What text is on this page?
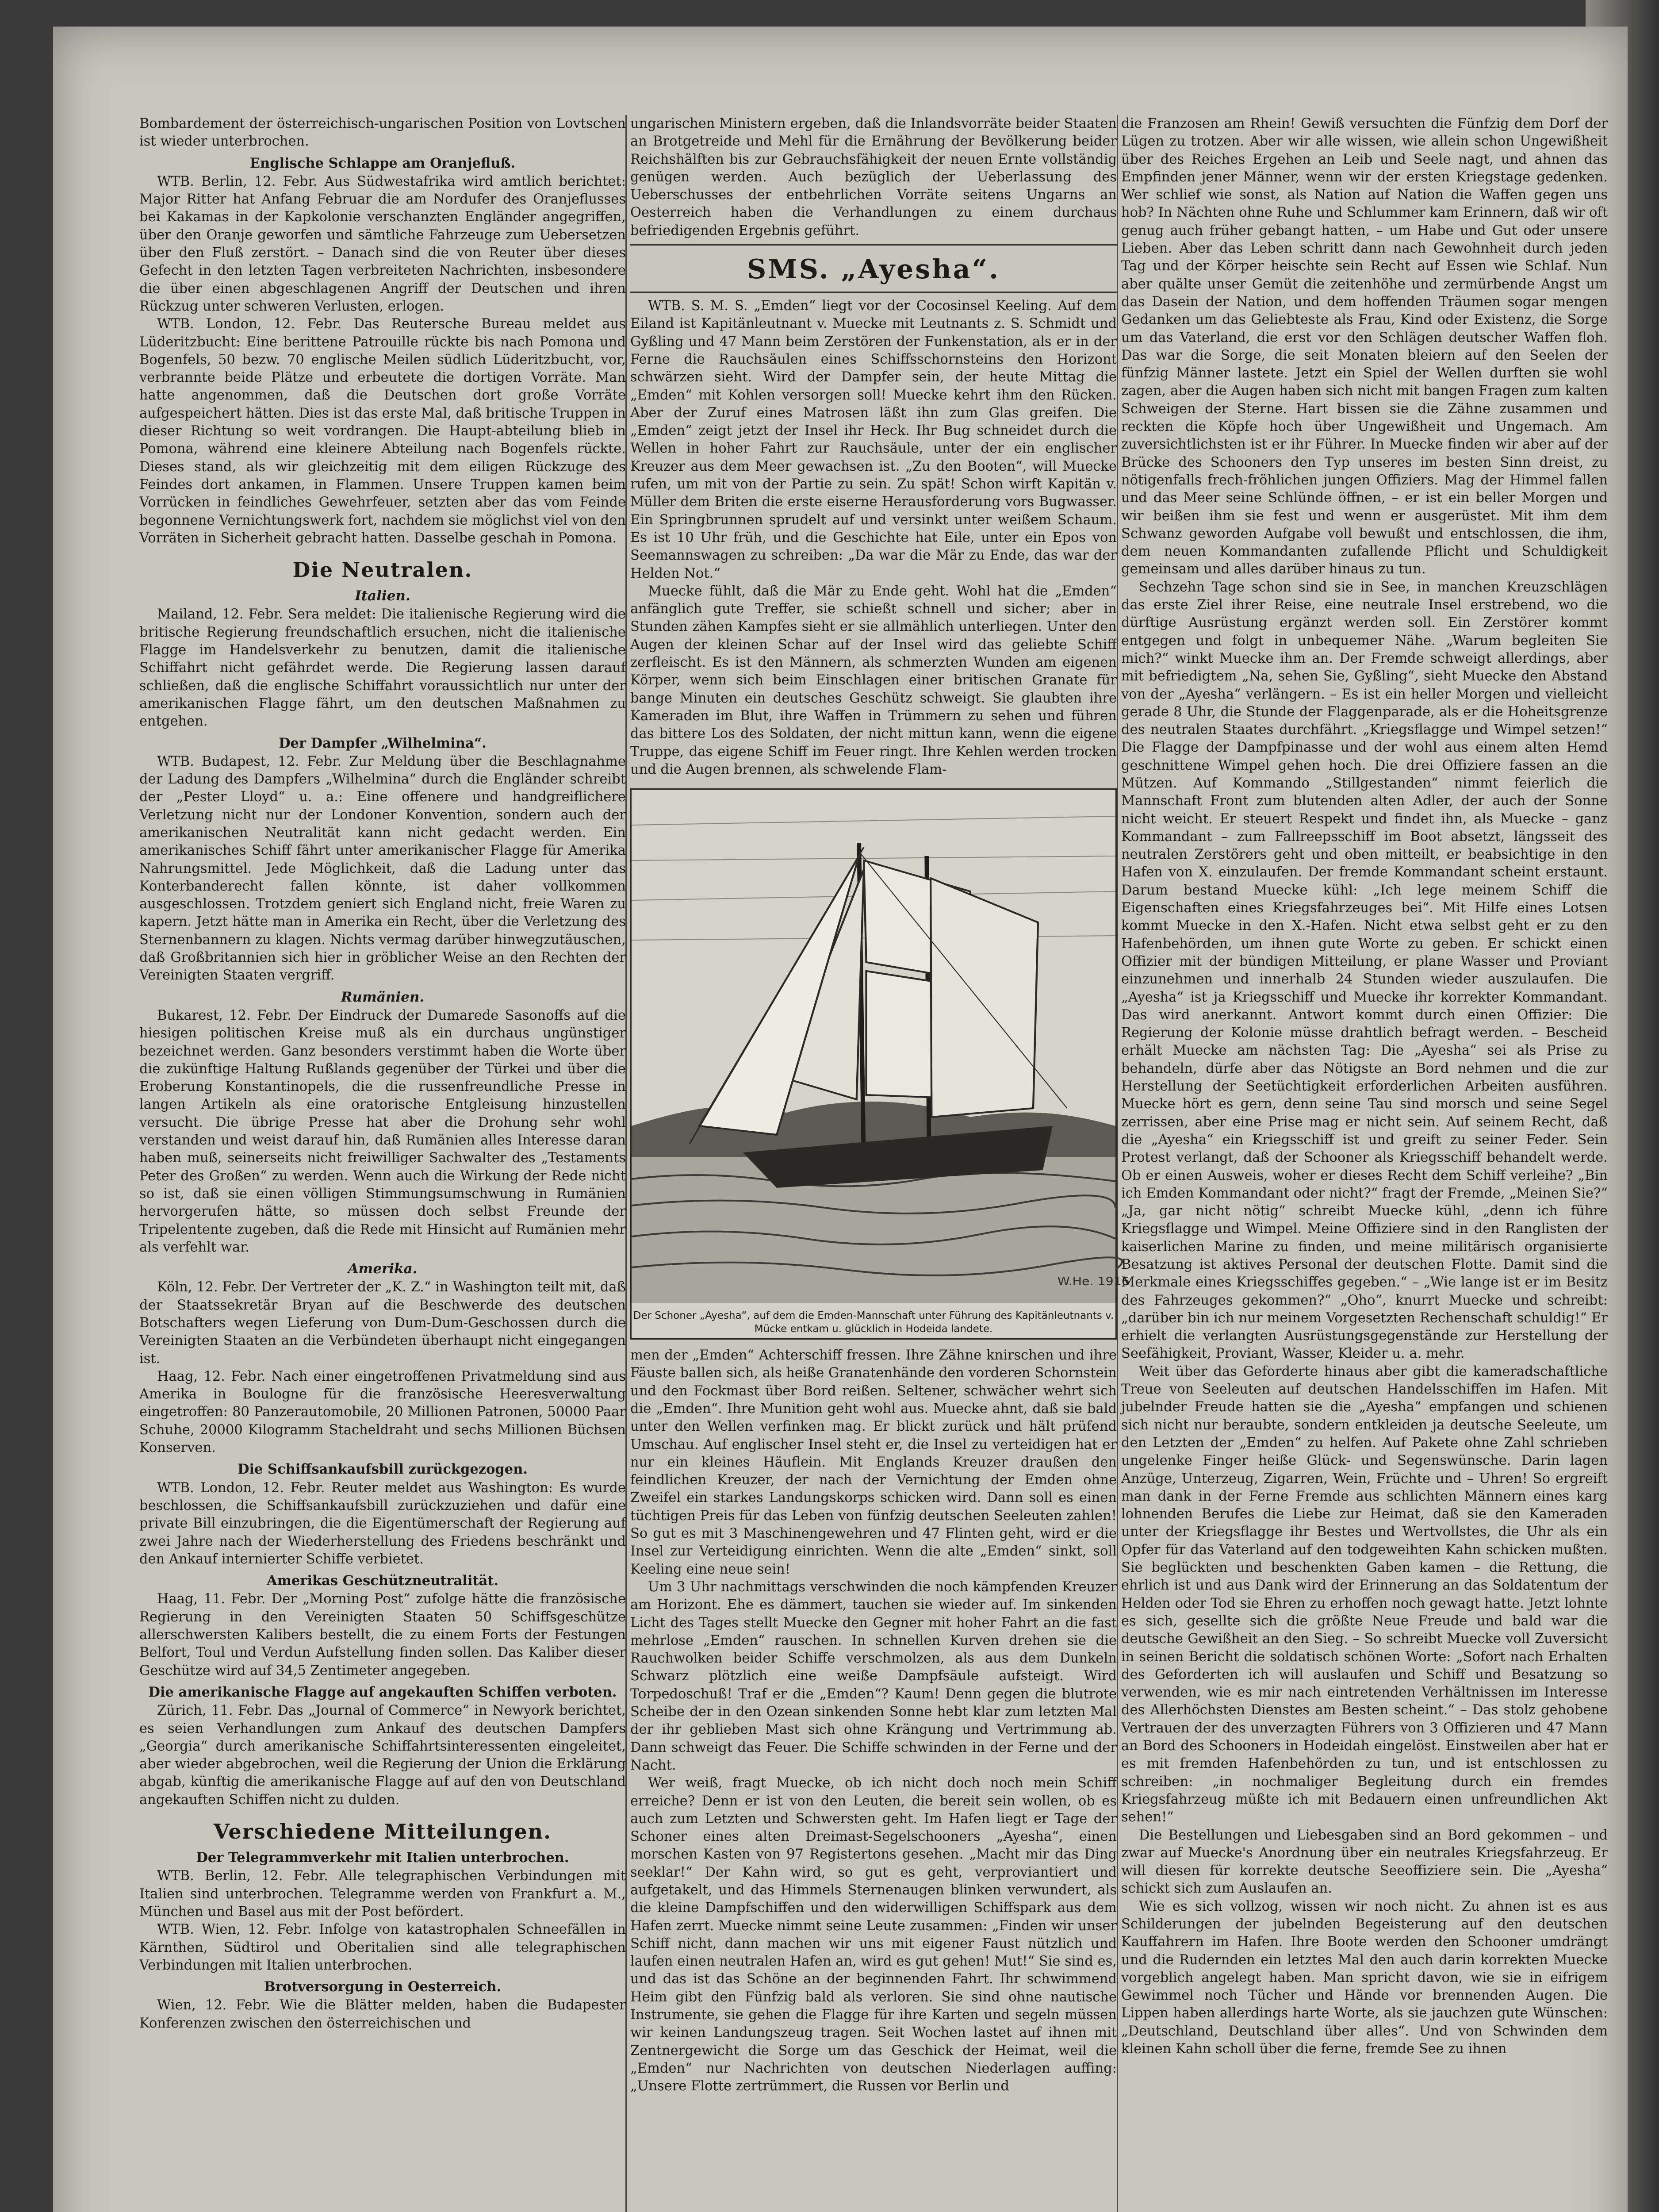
Bombardement der österreichisch-ungarischen Position von Lovtschen ist wieder unterbrochen.

Englische Schlappe am Oranjefluß.

WTB. Berlin, 12. Febr. Aus Südwestafrika wird amtlich berichtet: Major Ritter hat Anfang Februar die am Nordufer des Oranjeflusses bei Kakamas in der Kapkolonie verschanzten Engländer angegriffen, über den Oranje geworfen und sämtliche Fahrzeuge zum Uebersetzen über den Fluß zerstört. – Danach sind die von Reuter über dieses Gefecht in den letzten Tagen verbreiteten Nachrichten, insbesondere die über einen abgeschlagenen Angriff der Deutschen und ihren Rückzug unter schweren Verlusten, erlogen.

WTB. London, 12. Febr. Das Reutersche Bureau meldet aus Lüderitzbucht: Eine berittene Patrouille rückte bis nach Pomona und Bogenfels, 50 bezw. 70 englische Meilen südlich Lüderitzbucht, vor, verbrannte beide Plätze und erbeutete die dortigen Vorräte. Man hatte angenommen, daß die Deutschen dort große Vorräte aufgespeichert hätten. Dies ist das erste Mal, daß britische Truppen in dieser Richtung so weit vordrangen. Die Haupt-abteilung blieb in Pomona, während eine kleinere Abteilung nach Bogenfels rückte. Dieses stand, als wir gleichzeitig mit dem eiligen Rückzuge des Feindes dort ankamen, in Flammen. Unsere Truppen kamen beim Vorrücken in feindliches Gewehrfeuer, setzten aber das vom Feinde begonnene Vernichtungswerk fort, nachdem sie möglichst viel von den Vorräten in Sicherheit gebracht hatten. Dasselbe geschah in Pomona.

Die Neutralen.
Italien.

Mailand, 12. Febr. Sera meldet: Die italienische Regierung wird die britische Regierung freundschaftlich ersuchen, nicht die italienische Flagge im Handelsverkehr zu benutzen, damit die italienische Schiffahrt nicht gefährdet werde. Die Regierung lassen darauf schließen, daß die englische Schiffahrt voraussichtlich nur unter der amerikanischen Flagge fährt, um den deutschen Maßnahmen zu entgehen.

Der Dampfer „Wilhelmina“.

WTB. Budapest, 12. Febr. Zur Meldung über die Beschlagnahme der Ladung des Dampfers „Wilhelmina“ durch die Engländer schreibt der „Pester Lloyd“ u. a.: Eine offenere und handgreiflichere Verletzung nicht nur der Londoner Konvention, sondern auch der amerikanischen Neutralität kann nicht gedacht werden. Ein amerikanisches Schiff fährt unter amerikanischer Flagge für Amerika Nahrungsmittel. Jede Möglichkeit, daß die Ladung unter das Konterbanderecht fallen könnte, ist daher vollkommen ausgeschlossen. Trotzdem geniert sich England nicht, freie Waren zu kapern. Jetzt hätte man in Amerika ein Recht, über die Verletzung des Sternenbannern zu klagen. Nichts vermag darüber hinwegzutäuschen, daß Großbritannien sich hier in gröblicher Weise an den Rechten der Vereinigten Staaten vergriff.

Rumänien.

Bukarest, 12. Febr. Der Eindruck der Dumarede Sasonoffs auf die hiesigen politischen Kreise muß als ein durchaus ungünstiger bezeichnet werden. Ganz besonders verstimmt haben die Worte über die zukünftige Haltung Rußlands gegenüber der Türkei und über die Eroberung Konstantinopels, die die russenfreundliche Presse in langen Artikeln als eine oratorische Entgleisung hinzustellen versucht. Die übrige Presse hat aber die Drohung sehr wohl verstanden und weist darauf hin, daß Rumänien alles Interesse daran haben muß, seinerseits nicht freiwilliger Sachwalter des „Testaments Peter des Großen“ zu werden. Wenn auch die Wirkung der Rede nicht so ist, daß sie einen völligen Stimmungsumschwung in Rumänien hervorgerufen hätte, so müssen doch selbst Freunde der Tripelentente zugeben, daß die Rede mit Hinsicht auf Rumänien mehr als verfehlt war.

Amerika.

Köln, 12. Febr. Der Vertreter der „K. Z.“ in Washington teilt mit, daß der Staatssekretär Bryan auf die Beschwerde des deutschen Botschafters wegen Lieferung von Dum-Dum-Geschossen durch die Vereinigten Staaten an die Verbündeten überhaupt nicht eingegangen ist.

Haag, 12. Febr. Nach einer eingetroffenen Privatmeldung sind aus Amerika in Boulogne für die französische Heeresverwaltung eingetroffen: 80 Panzerautomobile, 20 Millionen Patronen, 50000 Paar Schuhe, 20000 Kilogramm Stacheldraht und sechs Millionen Büchsen Konserven.

Die Schiffsankaufsbill zurückgezogen.

WTB. London, 12. Febr. Reuter meldet aus Washington: Es wurde beschlossen, die Schiffsankaufsbill zurückzuziehen und dafür eine private Bill einzubringen, die die Eigentümerschaft der Regierung auf zwei Jahre nach der Wiederherstellung des Friedens beschränkt und den Ankauf internierter Schiffe verbietet.

Amerikas Geschützneutralität.

Haag, 11. Febr. Der „Morning Post“ zufolge hätte die französische Regierung in den Vereinigten Staaten 50 Schiffsgeschütze allerschwersten Kalibers bestellt, die zu einem Forts der Festungen Belfort, Toul und Verdun Aufstellung finden sollen. Das Kaliber dieser Geschütze wird auf 34,5 Zentimeter angegeben.

Die amerikanische Flagge auf angekauften Schiffen verboten.

Zürich, 11. Febr. Das „Journal of Commerce“ in Newyork berichtet, es seien Verhandlungen zum Ankauf des deutschen Dampfers „Georgia“ durch amerikanische Schiffahrtsinteressenten eingeleitet, aber wieder abgebrochen, weil die Regierung der Union die Erklärung abgab, künftig die amerikanische Flagge auf auf den von Deutschland angekauften Schiffen nicht zu dulden.

Verschiedene Mitteilungen.
Der Telegrammverkehr mit Italien unterbrochen.

WTB. Berlin, 12. Febr. Alle telegraphischen Verbindungen mit Italien sind unterbrochen. Telegramme werden von Frankfurt a. M., München und Basel aus mit der Post befördert.

WTB. Wien, 12. Febr. Infolge von katastrophalen Schneefällen in Kärnthen, Südtirol und Oberitalien sind alle telegraphischen Verbindungen mit Italien unterbrochen.

Brotversorgung in Oesterreich.

Wien, 12. Febr. Wie die Blätter melden, haben die Budapester Konferenzen zwischen den österreichischen und

ungarischen Ministern ergeben, daß die Inlandsvorräte beider Staaten an Brotgetreide und Mehl für die Ernährung der Bevölkerung beider Reichshälften bis zur Gebrauchsfähigkeit der neuen Ernte vollständig genügen werden. Auch bezüglich der Ueberlassung des Ueberschusses der entbehrlichen Vorräte seitens Ungarns an Oesterreich haben die Verhandlungen zu einem durchaus befriedigenden Ergebnis geführt.

SMS. „Ayesha“.

WTB. S. M. S. „Emden“ liegt vor der Cocosinsel Keeling. Auf dem Eiland ist Kapitänleutnant v. Muecke mit Leutnants z. S. Schmidt und Gyßling und 47 Mann beim Zerstören der Funkenstation, als er in der Ferne die Rauchsäulen eines Schiffsschornsteins den Horizont schwärzen sieht. Wird der Dampfer sein, der heute Mittag die „Emden“ mit Kohlen versorgen soll! Muecke kehrt ihm den Rücken. Aber der Zuruf eines Matrosen läßt ihn zum Glas greifen. Die „Emden“ zeigt jetzt der Insel ihr Heck. Ihr Bug schneidet durch die Wellen in hoher Fahrt zur Rauchsäule, unter der ein englischer Kreuzer aus dem Meer gewachsen ist. „Zu den Booten“, will Muecke rufen, um mit von der Partie zu sein. Zu spät! Schon wirft Kapitän v. Müller dem Briten die erste eiserne Herausforderung vors Bugwasser. Ein Springbrunnen sprudelt auf und versinkt unter weißem Schaum. Es ist 10 Uhr früh, und die Geschichte hat Eile, unter ein Epos von Seemannswagen zu schreiben: „Da war die Mär zu Ende, das war der Helden Not.“

Muecke fühlt, daß die Mär zu Ende geht. Wohl hat die „Emden“ anfänglich gute Treffer, sie schießt schnell und sicher; aber in Stunden zähen Kampfes sieht er sie allmählich unterliegen. Unter den Augen der kleinen Schar auf der Insel wird das geliebte Schiff zerfleischt. Es ist den Männern, als schmerzten Wunden am eigenen Körper, wenn sich beim Einschlagen einer britischen Granate für bange Minuten ein deutsches Geschütz schweigt. Sie glaubten ihre Kameraden im Blut, ihre Waffen in Trümmern zu sehen und führen das bittere Los des Soldaten, der nicht mittun kann, wenn die eigene Truppe, das eigene Schiff im Feuer ringt. Ihre Kehlen werden trocken und die Augen brennen, als schwelende Flam-

W.He. 1916
Der Schoner „Ayesha“, auf dem die Emden-Mannschaft unter Führung des Kapitänleutnants v. Mücke entkam u. glücklich in Hodeida landete.

men der „Emden“ Achterschiff fressen. Ihre Zähne knirschen und ihre Fäuste ballen sich, als heiße Granatenhände den vorderen Schornstein und den Fockmast über Bord reißen. Seltener, schwächer wehrt sich die „Emden“. Ihre Munition geht wohl aus. Muecke ahnt, daß sie bald unter den Wellen verfinken mag. Er blickt zurück und hält prüfend Umschau. Auf englischer Insel steht er, die Insel zu verteidigen hat er nur ein kleines Häuflein. Mit Englands Kreuzer draußen den feindlichen Kreuzer, der nach der Vernichtung der Emden ohne Zweifel ein starkes Landungskorps schicken wird. Dann soll es einen tüchtigen Preis für das Leben von fünfzig deutschen Seeleuten zahlen! So gut es mit 3 Maschinengewehren und 47 Flinten geht, wird er die Insel zur Verteidigung einrichten. Wenn die alte „Emden“ sinkt, soll Keeling eine neue sein!

Um 3 Uhr nachmittags verschwinden die noch kämpfenden Kreuzer am Horizont. Ehe es dämmert, tauchen sie wieder auf. Im sinkenden Licht des Tages stellt Muecke den Gegner mit hoher Fahrt an die fast mehrlose „Emden“ rauschen. In schnellen Kurven drehen sie die Rauchwolken beider Schiffe verschmolzen, als aus dem Dunkeln Schwarz plötzlich eine weiße Dampfsäule aufsteigt. Wird Torpedoschuß! Traf er die „Emden“? Kaum! Denn gegen die blutrote Scheibe der in den Ozean sinkenden Sonne hebt klar zum letzten Mal der ihr geblieben Mast sich ohne Krängung und Vertrimmung ab. Dann schweigt das Feuer. Die Schiffe schwinden in der Ferne und der Nacht.

Wer weiß, fragt Muecke, ob ich nicht doch noch mein Schiff erreiche? Denn er ist von den Leuten, die bereit sein wollen, ob es auch zum Letzten und Schwersten geht. Im Hafen liegt er Tage der Schoner eines alten Dreimast-Segelschooners „Ayesha“, einen morschen Kasten von 97 Registertons gesehen. „Macht mir das Ding seeklar!“ Der Kahn wird, so gut es geht, verproviantiert und aufgetakelt, und das Himmels Sternenaugen blinken verwundert, als die kleine Dampfschiffen und den widerwilligen Schiffspark aus dem Hafen zerrt. Muecke nimmt seine Leute zusammen: „Finden wir unser Schiff nicht, dann machen wir uns mit eigener Faust nützlich und laufen einen neutralen Hafen an, wird es gut gehen! Mut!“ Sie sind es, und das ist das Schöne an der beginnenden Fahrt. Ihr schwimmend Heim gibt den Fünfzig bald als verloren. Sie sind ohne nautische Instrumente, sie gehen die Flagge für ihre Karten und segeln müssen wir keinen Landungszeug tragen. Seit Wochen lastet auf ihnen mit Zentnergewicht die Sorge um das Geschick der Heimat, weil die „Emden“ nur Nachrichten von deutschen Niederlagen auffing: „Unsere Flotte zertrümmert, die Russen vor Berlin und

die Franzosen am Rhein! Gewiß versuchten die Fünfzig dem Dorf der Lügen zu trotzen. Aber wir alle wissen, wie allein schon Ungewißheit über des Reiches Ergehen an Leib und Seele nagt, und ahnen das Empfinden jener Männer, wenn wir der ersten Kriegstage gedenken. Wer schlief wie sonst, als Nation auf Nation die Waffen gegen uns hob? In Nächten ohne Ruhe und Schlummer kam Erinnern, daß wir oft genug auch früher gebangt hatten, – um Habe und Gut oder unsere Lieben. Aber das Leben schritt dann nach Gewohnheit durch jeden Tag und der Körper heischte sein Recht auf Essen wie Schlaf. Nun aber quälte unser Gemüt die zeitenhöhe und zermürbende Angst um das Dasein der Nation, und dem hoffenden Träumen sogar mengen Gedanken um das Geliebteste als Frau, Kind oder Existenz, die Sorge um das Vaterland, die erst vor den Schlägen deutscher Waffen floh. Das war die Sorge, die seit Monaten bleiern auf den Seelen der fünfzig Männer lastete. Jetzt ein Spiel der Wellen durften sie wohl zagen, aber die Augen haben sich nicht mit bangen Fragen zum kalten Schweigen der Sterne. Hart bissen sie die Zähne zusammen und reckten die Köpfe hoch über Ungewißheit und Ungemach. Am zuversichtlichsten ist er ihr Führer. In Muecke finden wir aber auf der Brücke des Schooners den Typ unseres im besten Sinn dreist, zu nötigenfalls frech-fröhlichen jungen Offiziers. Mag der Himmel fallen und das Meer seine Schlünde öffnen, – er ist ein beller Morgen und wir beißen ihm sie fest und wenn er ausgerüstet. Mit ihm dem Schwanz geworden Aufgabe voll bewußt und entschlossen, die ihm, dem neuen Kommandanten zufallende Pflicht und Schuldigkeit gemeinsam und alles darüber hinaus zu tun.

Sechzehn Tage schon sind sie in See, in manchen Kreuzschlägen das erste Ziel ihrer Reise, eine neutrale Insel erstrebend, wo die dürftige Ausrüstung ergänzt werden soll. Ein Zerstörer kommt entgegen und folgt in unbequemer Nähe. „Warum begleiten Sie mich?“ winkt Muecke ihm an. Der Fremde schweigt allerdings, aber mit befriedigtem „Na, sehen Sie, Gyßling“, sieht Muecke den Abstand von der „Ayesha“ verlängern. – Es ist ein heller Morgen und vielleicht gerade 8 Uhr, die Stunde der Flaggenparade, als er die Hoheitsgrenze des neutralen Staates durchfährt. „Kriegsflagge und Wimpel setzen!“ Die Flagge der Dampfpinasse und der wohl aus einem alten Hemd geschnittene Wimpel gehen hoch. Die drei Offiziere fassen an die Mützen. Auf Kommando „Stillgestanden“ nimmt feierlich die Mannschaft Front zum blutenden alten Adler, der auch der Sonne nicht weicht. Er steuert Respekt und findet ihn, als Muecke – ganz Kommandant – zum Fallreepsschiff im Boot absetzt, längsseit des neutralen Zerstörers geht und oben mitteilt, er beabsichtige in den Hafen von X. einzulaufen. Der fremde Kommandant scheint erstaunt. Darum bestand Muecke kühl: „Ich lege meinem Schiff die Eigenschaften eines Kriegsfahrzeuges bei“. Mit Hilfe eines Lotsen kommt Muecke in den X.-Hafen. Nicht etwa selbst geht er zu den Hafenbehörden, um ihnen gute Worte zu geben. Er schickt einen Offizier mit der bündigen Mitteilung, er plane Wasser und Proviant einzunehmen und innerhalb 24 Stunden wieder auszulaufen. Die „Ayesha“ ist ja Kriegsschiff und Muecke ihr korrekter Kommandant. Das wird anerkannt. Antwort kommt durch einen Offizier: Die Regierung der Kolonie müsse drahtlich befragt werden. – Bescheid erhält Muecke am nächsten Tag: Die „Ayesha“ sei als Prise zu behandeln, dürfe aber das Nötigste an Bord nehmen und die zur Herstellung der Seetüchtigkeit erforderlichen Arbeiten ausführen. Muecke hört es gern, denn seine Tau sind morsch und seine Segel zerrissen, aber eine Prise mag er nicht sein. Auf seinem Recht, daß die „Ayesha“ ein Kriegsschiff ist und greift zu seiner Feder. Sein Protest verlangt, daß der Schooner als Kriegsschiff behandelt werde. Ob er einen Ausweis, woher er dieses Recht dem Schiff verleihe? „Bin ich Emden Kommandant oder nicht?“ fragt der Fremde, „Meinen Sie?“ „Ja, gar nicht nötig“ schreibt Muecke kühl, „denn ich führe Kriegsflagge und Wimpel. Meine Offiziere sind in den Ranglisten der kaiserlichen Marine zu finden, und meine militärisch organisierte Besatzung ist aktives Personal der deutschen Flotte. Damit sind die Merkmale eines Kriegsschiffes gegeben.“ – „Wie lange ist er im Besitz des Fahrzeuges gekommen?“ „Oho“, knurrt Muecke und schreibt: „darüber bin ich nur meinem Vorgesetzten Rechenschaft schuldig!“ Er erhielt die verlangten Ausrüstungsgegenstände zur Herstellung der Seefähigkeit, Proviant, Wasser, Kleider u. a. mehr.

Weit über das Geforderte hinaus aber gibt die kameradschaftliche Treue von Seeleuten auf deutschen Handelsschiffen im Hafen. Mit jubelnder Freude hatten sie die „Ayesha“ empfangen und schienen sich nicht nur beraubte, sondern entkleiden ja deutsche Seeleute, um den Letzten der „Emden“ zu helfen. Auf Pakete ohne Zahl schrieben ungelenke Finger heiße Glück- und Segenswünsche. Darin lagen Anzüge, Unterzeug, Zigarren, Wein, Früchte und – Uhren! So ergreift man dank in der Ferne Fremde aus schlichten Männern eines karg lohnenden Berufes die Liebe zur Heimat, daß sie den Kameraden unter der Kriegsflagge ihr Bestes und Wertvollstes, die Uhr als ein Opfer für das Vaterland auf den todgeweihten Kahn schicken mußten. Sie beglückten und beschenkten Gaben kamen – die Rettung, die ehrlich ist und aus Dank wird der Erinnerung an das Soldatentum der Helden oder Tod sie Ehren zu erhoffen noch gewagt hatte. Jetzt lohnte es sich, gesellte sich die größte Neue Freude und bald war die deutsche Gewißheit an den Sieg. – So schreibt Muecke voll Zuversicht in seinen Bericht die soldatisch schönen Worte: „Sofort nach Erhalten des Geforderten ich will auslaufen und Schiff und Besatzung so verwenden, wie es mir nach eintretenden Verhältnissen im Interesse des Allerhöchsten Dienstes am Besten scheint.“ – Das stolz gehobene Vertrauen der des unverzagten Führers von 3 Offizieren und 47 Mann an Bord des Schooners in Hodeidah eingelöst. Einstweilen aber hat er es mit fremden Hafenbehörden zu tun, und ist entschlossen zu schreiben: „in nochmaliger Begleitung durch ein fremdes Kriegsfahrzeug müßte ich mit Bedauern einen unfreundlichen Akt sehen!“

Die Bestellungen und Liebesgaben sind an Bord gekommen – und zwar auf Muecke's Anordnung über ein neutrales Kriegsfahrzeug. Er will diesen für korrekte deutsche Seeoffiziere sein. Die „Ayesha“ schickt sich zum Auslaufen an.

Wie es sich vollzog, wissen wir noch nicht. Zu ahnen ist es aus Schilderungen der jubelnden Begeisterung auf den deutschen Kauffahrern im Hafen. Ihre Boote werden den Schooner umdrängt und die Rudernden ein letztes Mal den auch darin korrekten Muecke vorgeblich angelegt haben. Man spricht davon, wie sie in eifrigem Gewimmel noch Tücher und Hände vor brennenden Augen. Die Lippen haben allerdings harte Worte, als sie jauchzen gute Wünschen: „Deutschland, Deutschland über alles“. Und von Schwinden dem kleinen Kahn scholl über die ferne, fremde See zu ihnen
